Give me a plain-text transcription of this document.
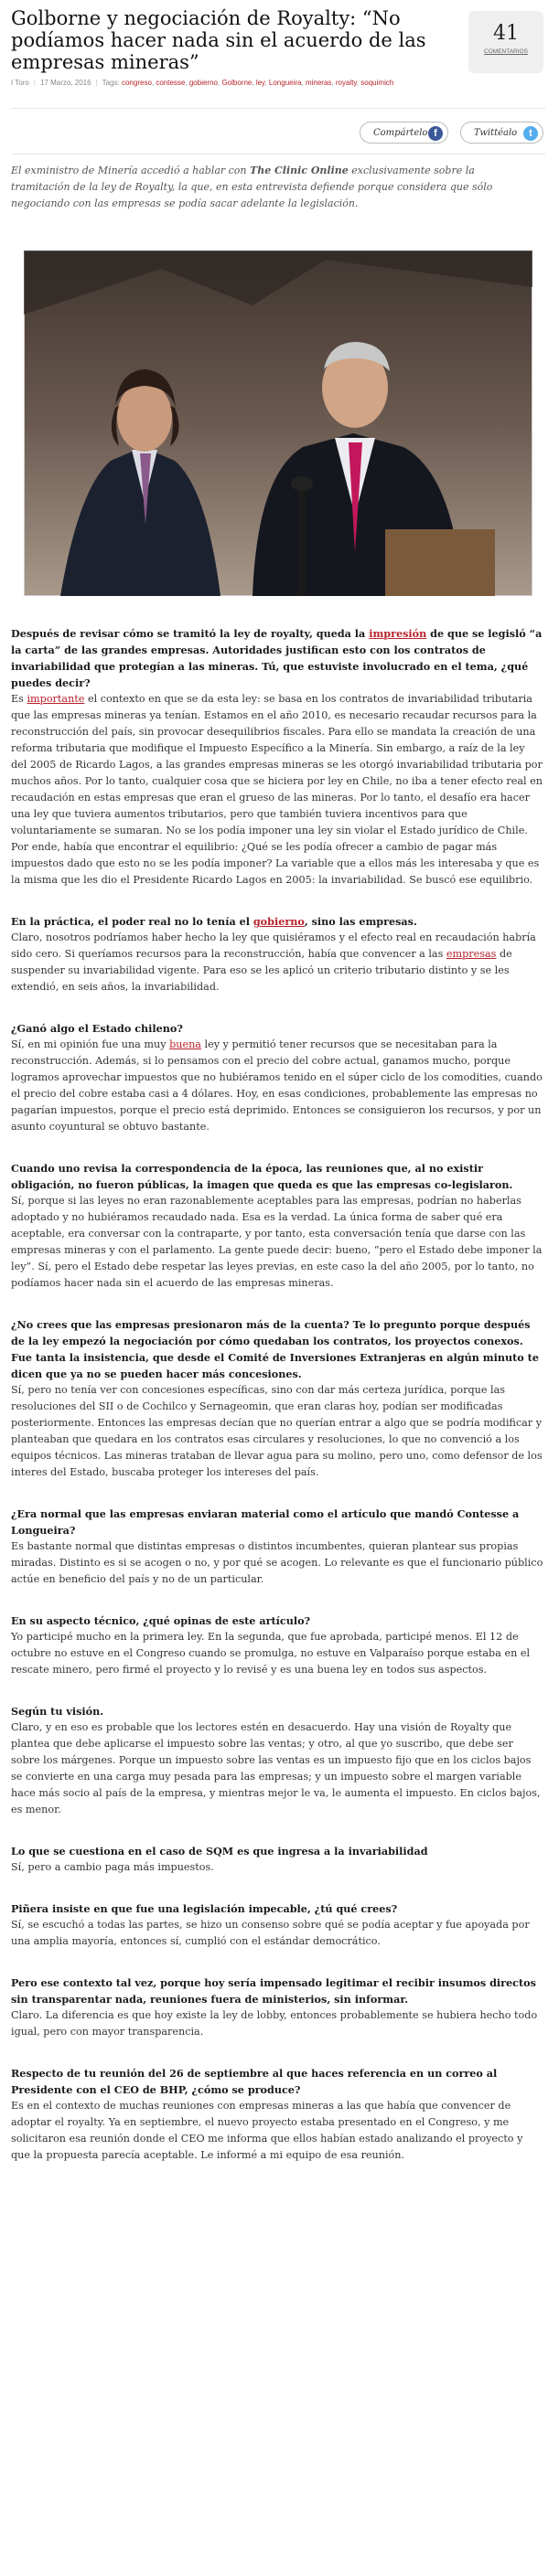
Golborne y negociación de Royalty: “No podíamos hacer nada sin el acuerdo de las empresas mineras”
I Toro | 17 Marzo, 2016 | Tags: congreso, contesse, gobierno, Golborne, ley, Longueira, mineras, royalty, soquimich
41
COMENTARIOS
Compártelo f	Twittéalo	t

El exministro de Minería accedió a hablar con The Clinic Online exclusivamente sobre la tramitación de la ley de Royalty, la que, en esta entrevista defiende porque considera que sólo negociando con las empresas se podía sacar adelante la legislación.

Después de revisar cómo se tramitó la ley de royalty, queda la impresión de que se legisló “a la carta” de las grandes empresas. Autoridades justifican esto con los contratos de invariabilidad que protegían a las mineras. Tú, que estuviste involucrado en el tema, ¿qué puedes decir?

Es importante el contexto en que se da esta ley: se basa en los contratos de invariabilidad tributaria que las empresas mineras ya tenían. Estamos en el año 2010, es necesario recaudar recursos para la reconstrucción del país, sin provocar desequilibrios fiscales. Para ello se mandata la creación de una reforma tributaria que modifique el Impuesto Específico a la Minería. Sin embargo, a raíz de la ley del 2005 de Ricardo Lagos, a las grandes empresas mineras se les otorgó invariabilidad tributaria por muchos años. Por lo tanto, cualquier cosa que se hiciera por ley en Chile, no iba a tener efecto real en recaudación en estas empresas que eran el grueso de las mineras. Por lo tanto, el desafío era hacer una ley que tuviera aumentos tributarios, pero que también tuviera incentivos para que voluntariamente se sumaran. No se los podía imponer una ley sin violar el Estado jurídico de Chile. Por ende, había que encontrar el equilibrio: ¿Qué se les podía ofrecer a cambio de pagar más impuestos dado que esto no se les podía imponer? La variable que a ellos más les interesaba y que es la misma que les dio el Presidente Ricardo Lagos en 2005: la invariabilidad. Se buscó ese equilibrio.

En la práctica, el poder real no lo tenía el gobierno, sino las empresas.

Claro, nosotros podríamos haber hecho la ley que quisiéramos y el efecto real en recaudación habría sido cero. Si queríamos recursos para la reconstrucción, había que convencer a las empresas de suspender su invariabilidad vigente. Para eso se les aplicó un criterio tributario distinto y se les extendió, en seis años, la invariabilidad.

¿Ganó algo el Estado chileno?

Sí, en mi opinión fue una muy buena ley y permitió tener recursos que se necesitaban para la reconstrucción. Además, si lo pensamos con el precio del cobre actual, ganamos mucho, porque logramos aprovechar impuestos que no hubiéramos tenido en el súper ciclo de los comodities, cuando el precio del cobre estaba casi a 4 dólares. Hoy, en esas condiciones, probablemente las empresas no pagarían impuestos, porque el precio está deprimido. Entonces se consiguieron los recursos, y por un asunto coyuntural se obtuvo bastante.

Cuando uno revisa la correspondencia de la época, las reuniones que, al no existir obligación, no fueron públicas, la imagen que queda es que las empresas co-legislaron.

Sí, porque si las leyes no eran razonablemente aceptables para las empresas, podrían no haberlas adoptado y no hubiéramos recaudado nada. Esa es la verdad. La única forma de saber qué era aceptable, era conversar con la contraparte, y por tanto, esta conversación tenía que darse con las empresas mineras y con el parlamento. La gente puede decir: bueno, “pero el Estado debe imponer la ley”. Sí, pero el Estado debe respetar las leyes previas, en este caso la del año 2005, por lo tanto, no podíamos hacer nada sin el acuerdo de las empresas mineras.

¿No crees que las empresas presionaron más de la cuenta? Te lo pregunto porque después de la ley empezó la negociación por cómo quedaban los contratos, los proyectos conexos. Fue tanta la insistencia, que desde el Comité de Inversiones Extranjeras en algún minuto te dicen que ya no se pueden hacer más concesiones.

Sí, pero no tenía ver con concesiones específicas, sino con dar más certeza jurídica, porque las resoluciones del SII o de Cochilco y Sernageomin, que eran claras hoy, podían ser modificadas posteriormente. Entonces las empresas decían que no querían entrar a algo que se podría modificar y planteaban que quedara en los contratos esas circulares y resoluciones, lo que no convenció a los equipos técnicos. Las mineras trataban de llevar agua para su molino, pero uno, como defensor de los interes del Estado, buscaba proteger los intereses del país.

¿Era normal que las empresas enviaran material como el artículo que mandó Contesse a Longueira?

Es bastante normal que distintas empresas o distintos incumbentes, quieran plantear sus propias miradas. Distinto es si se acogen o no, y por qué se acogen. Lo relevante es que el funcionario público actúe en beneficio del país y no de un particular.

En su aspecto técnico, ¿qué opinas de este artículo?

Yo participé mucho en la primera ley. En la segunda, que fue aprobada, participé menos. El 12 de octubre no estuve en el Congreso cuando se promulga, no estuve en Valparaíso porque estaba en el rescate minero, pero firmé el proyecto y lo revisé y es una buena ley en todos sus aspectos.

Según tu visión.

Claro, y en eso es probable que los lectores estén en desacuerdo. Hay una visión de Royalty que plantea que debe aplicarse el impuesto sobre las ventas; y otro, al que yo suscribo, que debe ser sobre los márgenes. Porque un impuesto sobre las ventas es un impuesto fijo que en los ciclos bajos se convierte en una carga muy pesada para las empresas; y un impuesto sobre el margen variable hace más socio al país de la empresa, y mientras mejor le va, le aumenta el impuesto. En ciclos bajos, es menor.

Lo que se cuestiona en el caso de SQM es que ingresa a la invariabilidad

Sí, pero a cambio paga más impuestos.

Piñera insiste en que fue una legislación impecable, ¿tú qué crees?

Sí, se escuchó a todas las partes, se hizo un consenso sobre qué se podía aceptar y fue apoyada por una amplia mayoría, entonces sí, cumplió con el estándar democrático.

Pero ese contexto tal vez, porque hoy sería impensado legitimar el recibir insumos directos sin transparentar nada, reuniones fuera de ministerios, sin informar.

Claro. La diferencia es que hoy existe la ley de lobby, entonces probablemente se hubiera hecho todo igual, pero con mayor transparencia.

Respecto de tu reunión del 26 de septiembre al que haces referencia en un correo al Presidente con el CEO de BHP, ¿cómo se produce?

Es en el contexto de muchas reuniones con empresas mineras a las que había que convencer de adoptar el royalty. Ya en septiembre, el nuevo proyecto estaba presentado en el Congreso, y me solicitaron esa reunión donde el CEO me informa que ellos habían estado analizando el proyecto y que la propuesta parecía aceptable. Le informé a mi equipo de esa reunión.
